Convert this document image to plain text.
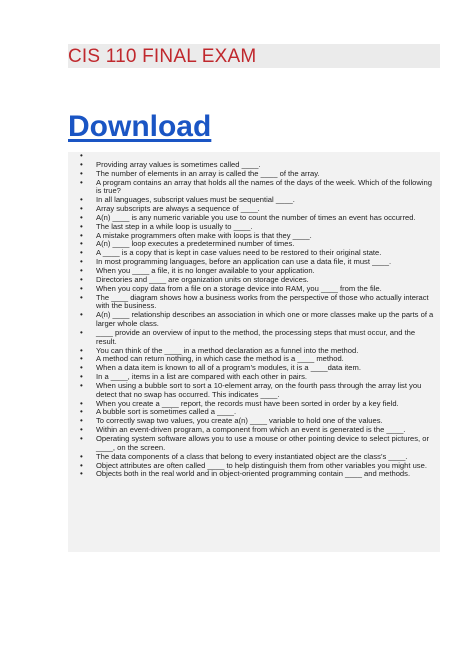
CIS 110 FINAL EXAM
Download
•
• Providing array values is sometimes called ____.
• The number of elements in an array is called the ____ of the array.
• A program contains an array that holds all the names of the days of the week. Which of the following is true?
• In all languages, subscript values must be sequential ____.
• Array subscripts are always a sequence of ____.
• A(n) ____ is any numeric variable you use to count the number of times an event has occurred.
• The last step in a while loop is usually to ____.
• A mistake programmers often make with loops is that they ____.
• A(n) ____ loop executes a predetermined number of times.
• A ____ is a copy that is kept in case values need to be restored to their original state.
• In most programming languages, before an application can use a data file, it must ____.
• When you ____ a file, it is no longer available to your application.
• Directories and ____ are organization units on storage devices.
• When you copy data from a file on a storage device into RAM, you ____ from the file.
• The ____ diagram shows how a business works from the perspective of those who actually interact with the business.
• A(n) ____ relationship describes an association in which one or more classes make up the parts of a larger whole class.
• ____ provide an overview of input to the method, the processing steps that must occur, and the result.
• You can think of the ____ in a method declaration as a funnel into the method.
• A method can return nothing, in which case the method is a ____ method.
• When a data item is known to all of a program’s modules, it is a ____data item.
• In a ____, items in a list are compared with each other in pairs.
• When using a bubble sort to sort a 10-element array, on the fourth pass through the array list you detect that no swap has occurred. This indicates ____.
• When you create a ____ report, the records must have been sorted in order by a key field.
• A bubble sort is sometimes called a ____.
• To correctly swap two values, you create a(n) ____ variable to hold one of the values.
• Within an event-driven program, a component from which an event is generated is the ____.
• Operating system software allows you to use a mouse or other pointing device to select pictures, or ____, on the screen.
• The data components of a class that belong to every instantiated object are the class’s ____.
• Object attributes are often called ____ to help distinguish them from other variables you might use.
• Objects both in the real world and in object-oriented programming contain ____ and methods.
